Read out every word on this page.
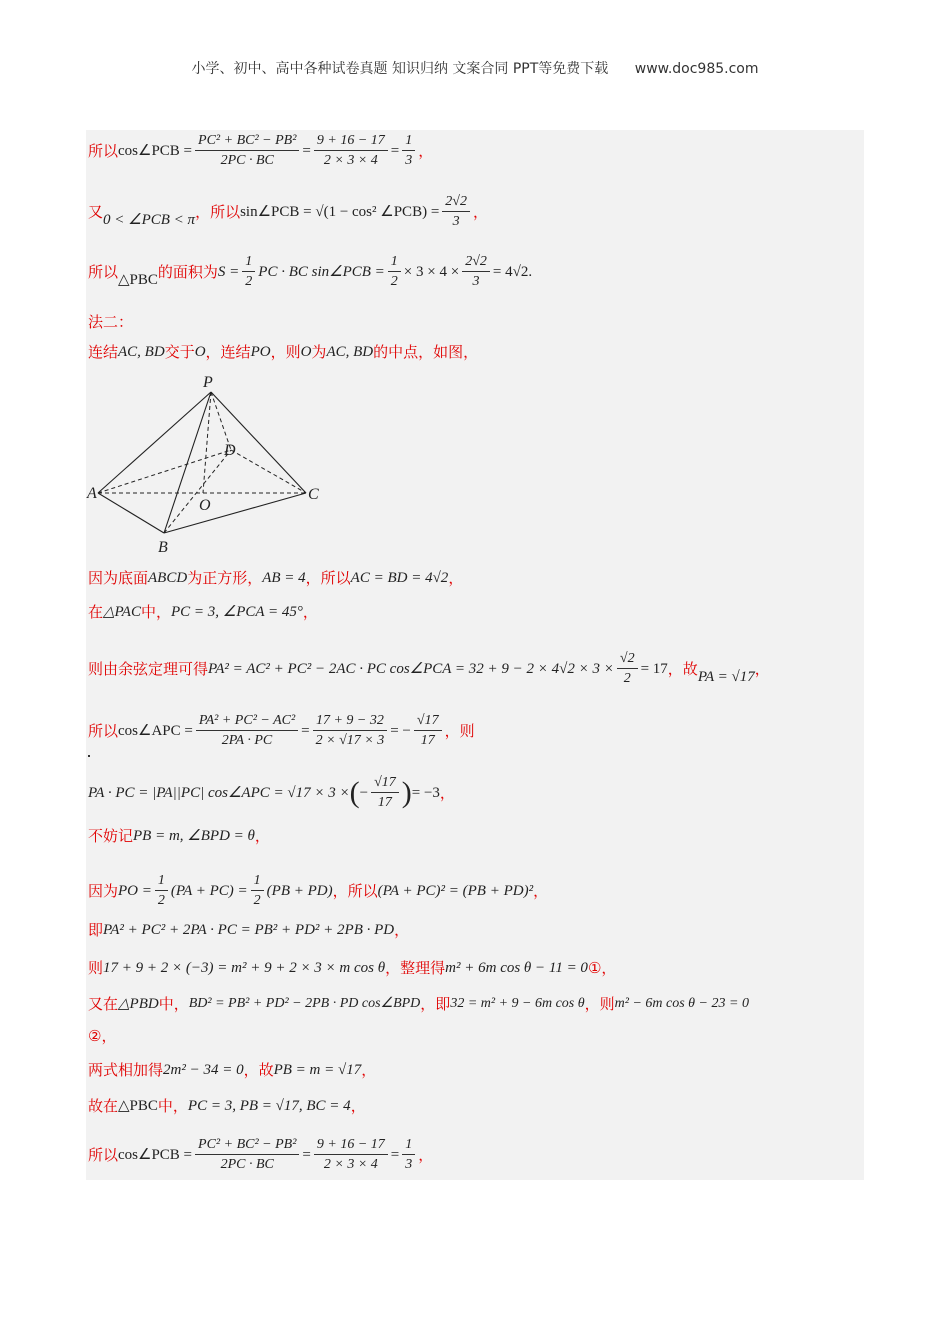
小学、初中、高中各种试卷真题 知识归纳 文案合同 PPT等免费下载 www.doc985.com
所以 cos∠PCB = $\frac{\text{PC² + BC² − PB²}}{2PC \cdot BC} = \frac{9 + 16 - 17}{2 \times 3 \times 4} = \frac{1}{3}$ ，
又 0 < ∠PCB < π ，所以 sin∠PCB = √(1 − cos² ∠PCB) = $\frac{2√2}{3}$ ，
所以 △PBC 的面积为 $S = \frac{1}{2}$ PC · BC sin∠PCB = $\frac{1}{2} \times 3 \times 4 \times \frac{2√2}{3} = 4√2$ .
法二：
连结 AC, BD 交于 O ，连结 PO ，则 O 为 AC, BD 的中点，如图，
P
A
B
C
D
O
因为底面 ABCD 为正方形， AB = 4 ，所以 AC = BD = 4√2 ，
在 △PAC 中， PC = 3, ∠PCA = 45° ，
则由余弦定理可得 PA² = AC² + PC² − 2AC · PC cos∠PCA = $32 + 9 - 2 \times 4√2 \times 3 \times \frac{√2}{2} = 17$ ，故 PA = √17 ，
所以 cos∠APC = $\frac{\text{PA² + PC² − AC²}}{2PA \cdot PC} = \frac{17 + 9 - 32}{2 \times √17 \times 3}$ = − $\frac{√17}{17}$ ，则
PA · PC = |PA||PC| cos∠APC = √17 × 3 × ( − $\frac{√17}{17}$ ) = −3 ，
不妨记 PB = m, ∠BPD = θ ，
因为 PO = $\frac{1}{2} (PA + PC) = \frac{1}{2} (PB + PD)$ ，所以 (PA + PC)² = (PB + PD)² ，
即 PA² + PC² + 2PA · PC = PB² + PD² + 2PB · PD ，
则 17 + 9 + 2 × (−3) = m² + 9 + 2 × 3 × m cos θ ，整理得 m² + 6m cos θ − 11 = 0 ①，
又在 △PBD 中， BD² = PB² + PD² − 2PB · PD cos∠BPD ，即 32 = m² + 9 − 6m cos θ ，则 m² − 6m cos θ − 23 = 0
②，
两式相加得 2m² − 34 = 0 ，故 PB = m = √17 ，
故在 △PBC 中， PC = 3, PB = √17, BC = 4 ，
所以 cos∠PCB = $\frac{\text{PC² + BC² − PB²}}{2PC \cdot BC} = \frac{9 + 16 - 17}{2 \times 3 \times 4} = \frac{1}{3}$ ，
